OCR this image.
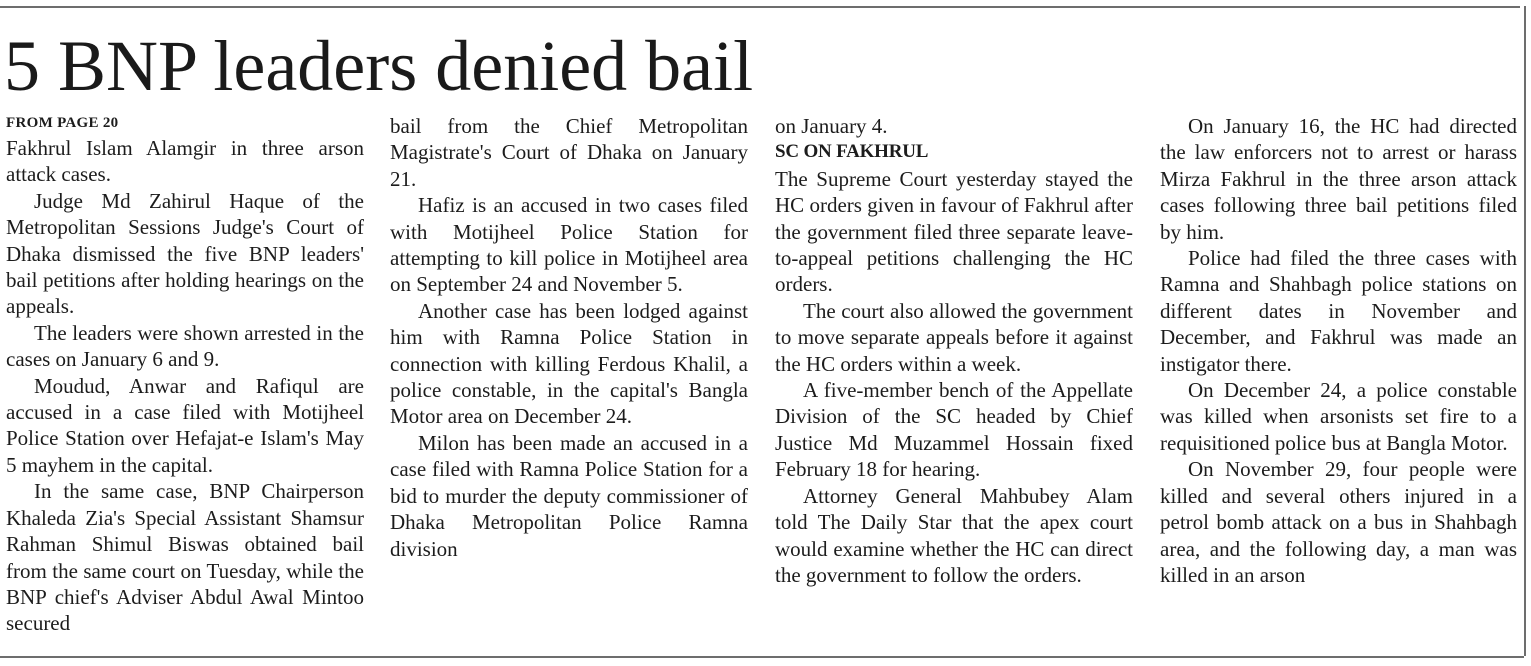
5 BNP leaders denied bail
FROM PAGE 20

Fakhrul Islam Alamgir in three arson attack cases.

Judge Md Zahirul Haque of the Metropolitan Sessions Judge's Court of Dhaka dismissed the five BNP leaders' bail petitions after holding hearings on the appeals.

The leaders were shown arrested in the cases on January 6 and 9.

Moudud, Anwar and Rafiqul are accused in a case filed with Motijheel Police Station over Hefajat-e Islam's May 5 mayhem in the capital.

In the same case, BNP Chairperson Khaleda Zia's Special Assistant Shamsur Rahman Shimul Biswas obtained bail from the same court on Tuesday, while the BNP chief's Adviser Abdul Awal Mintoo secured

bail from the Chief Metropolitan Magistrate's Court of Dhaka on January 21.

Hafiz is an accused in two cases filed with Motijheel Police Station for attempting to kill police in Motijheel area on September 24 and November 5.

Another case has been lodged against him with Ramna Police Station in connection with killing Ferdous Khalil, a police constable, in the capital's Bangla Motor area on December 24.

Milon has been made an accused in a case filed with Ramna Police Station for a bid to murder the deputy commissioner of Dhaka Metropolitan Police Ramna division

on January 4.

SC ON FAKHRUL

The Supreme Court yesterday stayed the HC orders given in favour of Fakhrul after the government filed three separate leave-to-appeal petitions challenging the HC orders.

The court also allowed the government to move separate appeals before it against the HC orders within a week.

A five-member bench of the Appellate Division of the SC headed by Chief Justice Md Muzammel Hossain fixed February 18 for hearing.

Attorney General Mahbubey Alam told The Daily Star that the apex court would examine whether the HC can direct the government to follow the orders.

On January 16, the HC had directed the law enforcers not to arrest or harass Mirza Fakhrul in the three arson attack cases following three bail petitions filed by him.

Police had filed the three cases with Ramna and Shahbagh police stations on different dates in November and December, and Fakhrul was made an instigator there.

On December 24, a police constable was killed when arsonists set fire to a requisitioned police bus at Bangla Motor.

On November 29, four people were killed and several others injured in a petrol bomb attack on a bus in Shahbagh area, and the following day, a man was killed in an arson
